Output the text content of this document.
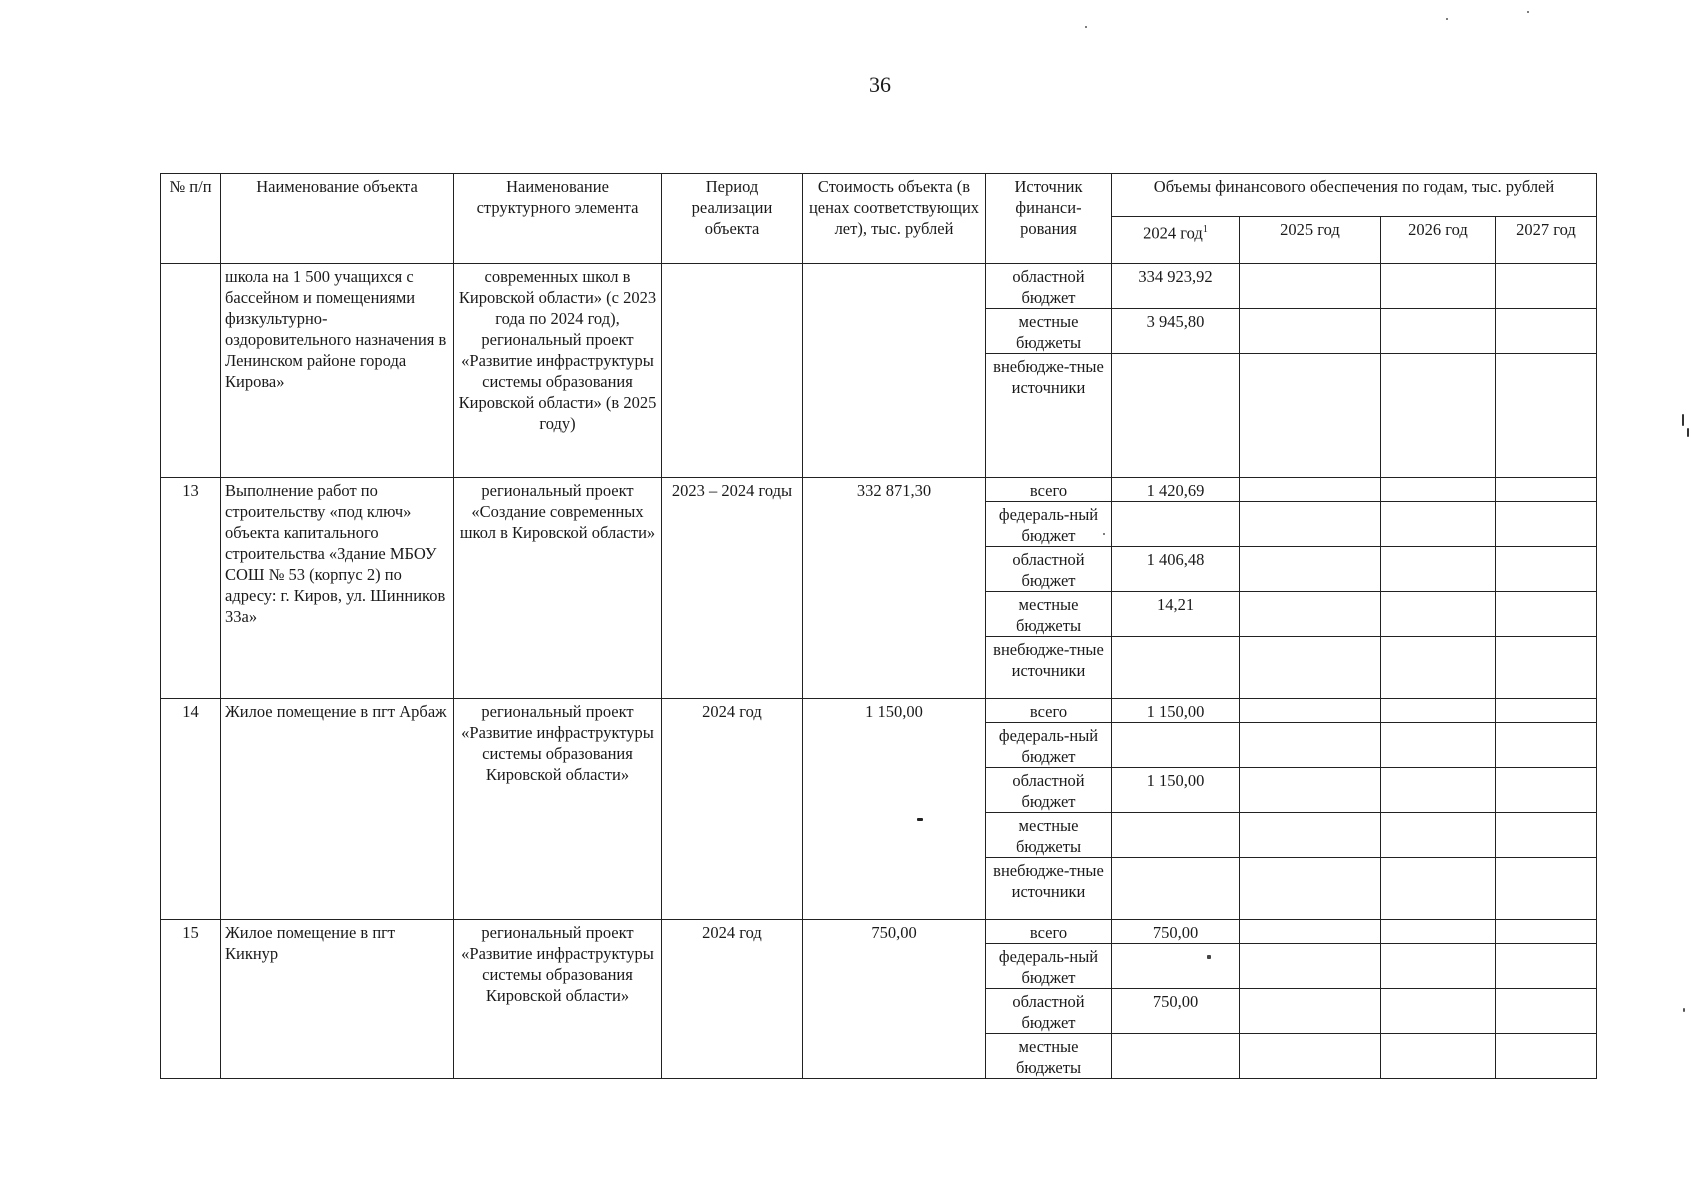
36
№ п/п	Наименование объекта	Наименование структурного элемента	Период реализации объекта	Стоимость объекта (в ценах соответствующих лет), тыс. рублей	Источник финанси-рования	Объемы финансового обеспечения по годам, тыс. рублей			
						2024 год$^1$	2025 год	2026 год	2027 год
	школа на 1 500 учащихся с бассейном и помещениями физкультурно-оздоровительного назначения в Ленинском районе города Кирова»	современных школ в Кировской области» (с 2023 года по 2024 год), региональный проект «Развитие инфраструктуры системы образования Кировской области» (в 2025 году)			областной бюджет	334 923,92			
					местные бюджеты	3 945,80			
					внебюдже-тные источники				
13	Выполнение работ по строительству «под ключ» объекта капитального строительства «Здание МБОУ СОШ № 53 (корпус 2) по адресу: г. Киров, ул. Шинников 33а»	региональный проект «Создание современных школ в Кировской области»	2023 – 2024 годы	332 871,30	всего	1 420,69			
					федераль-ный бюджет				
					областной бюджет	1 406,48			
					местные бюджеты	14,21			
					внебюдже-тные источники				
14	Жилое помещение в пгт Арбаж	региональный проект «Развитие инфраструктуры системы образования Кировской области»	2024 год	1 150,00	всего	1 150,00			
					федераль-ный бюджет				
					областной бюджет	1 150,00			
					местные бюджеты				
					внебюдже-тные источники				
15	Жилое помещение в пгт Кикнур	региональный проект «Развитие инфраструктуры системы образования Кировской области»	2024 год	750,00	всего	750,00			
					федераль-ный бюджет				
					областной бюджет	750,00			
					местные бюджеты				
